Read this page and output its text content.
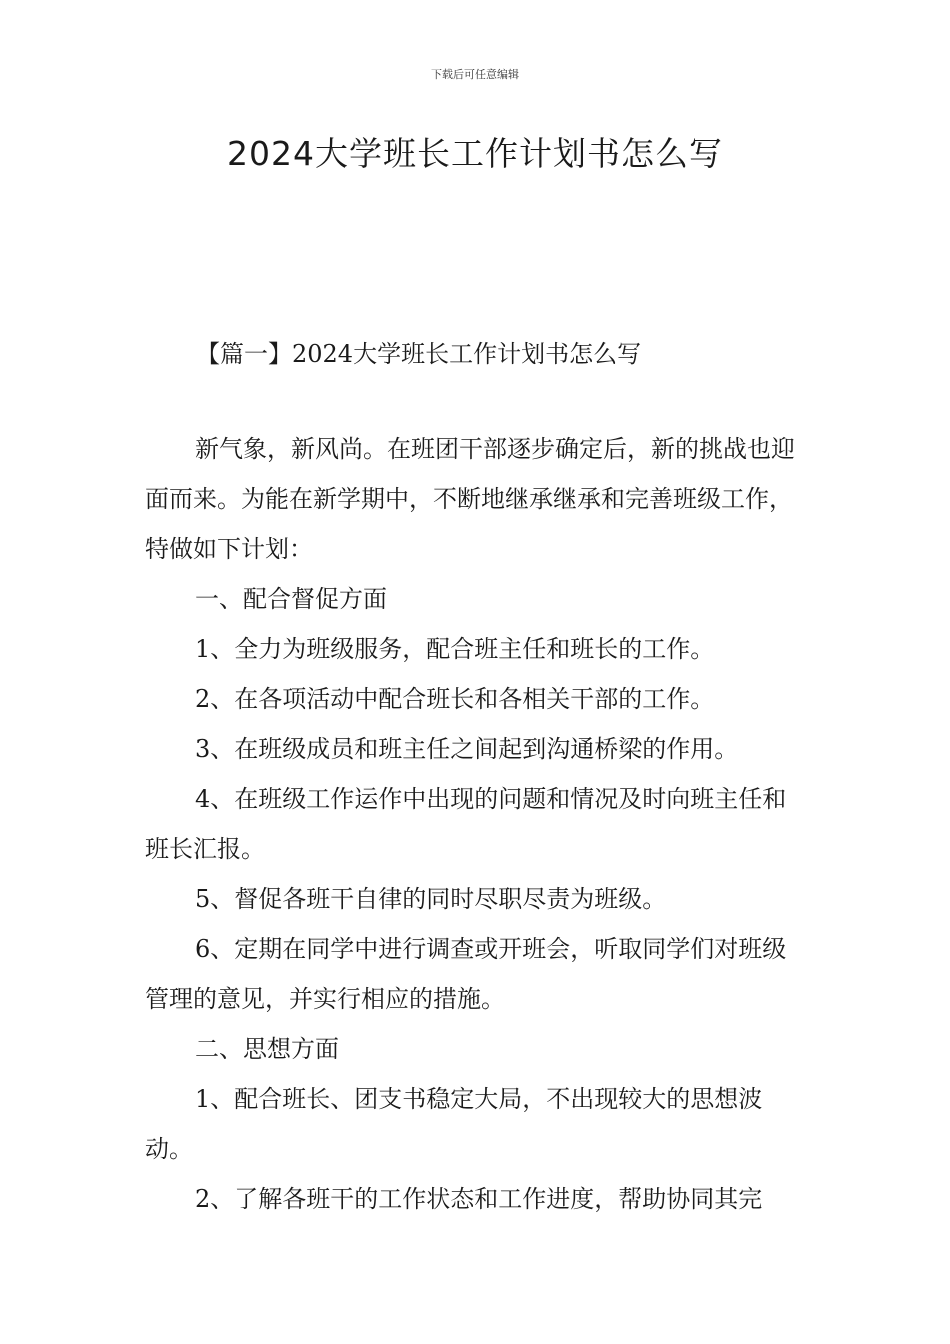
下载后可任意编辑
2024大学班长工作计划书怎么写
【篇一】2024大学班长工作计划书怎么写

新气象，新风尚。在班团干部逐步确定后，新的挑战也迎面而来。为能在新学期中，不断地继承继承和完善班级工作，特做如下计划：

一、配合督促方面

1、全力为班级服务，配合班主任和班长的工作。

2、在各项活动中配合班长和各相关干部的工作。

3、在班级成员和班主任之间起到沟通桥梁的作用。

4、在班级工作运作中出现的问题和情况及时向班主任和班长汇报。

5、督促各班干自律的同时尽职尽责为班级。

6、定期在同学中进行调查或开班会，听取同学们对班级管理的意见，并实行相应的措施。

二、思想方面

1、配合班长、团支书稳定大局，不出现较大的思想波动。

2、了解各班干的工作状态和工作进度，帮助协同其完
